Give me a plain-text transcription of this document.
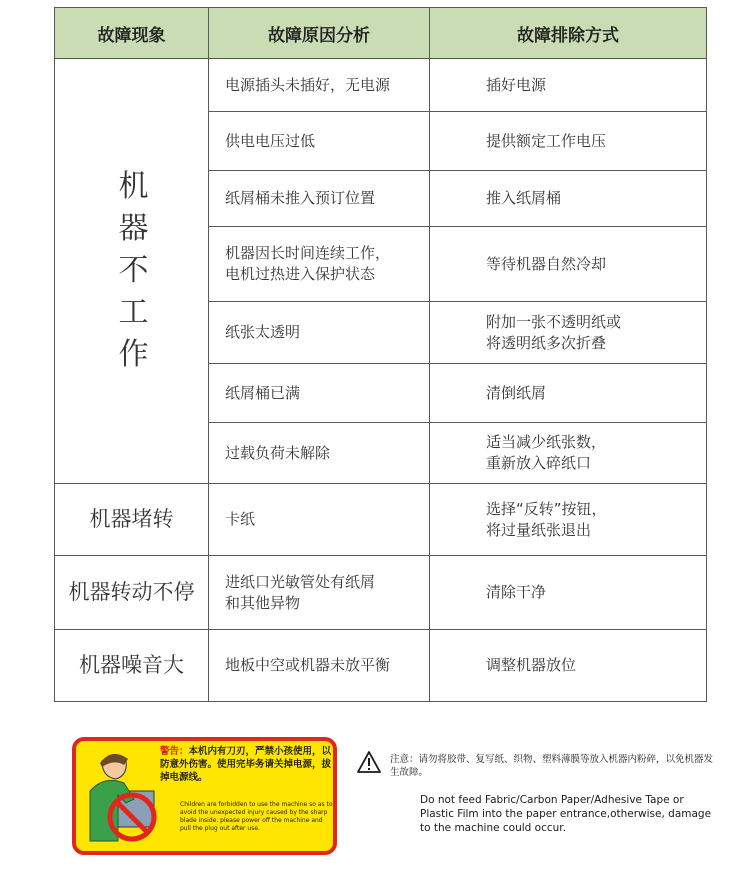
故障现象	故障原因分析	故障排除方式
机器不工作	电源插头未插好，无电源	插好电源

	供电电压过低	提供额定工作电压

	纸屑桶未推入预订位置	推入纸屑桶

	机器因长时间连续工作，
电机过热进入保护状态	等待机器自然冷却

	纸张太透明	附加一张不透明纸或
将透明纸多次折叠

	纸屑桶已满	清倒纸屑

	过载负荷未解除	适当减少纸张数，
重新放入碎纸口

机器堵转	卡纸	选择“反转”按钮，
将过量纸张退出

机器转动不停	进纸口光敏管处有纸屑
和其他异物	清除干净

机器噪音大	地板中空或机器未放平衡	调整机器放位
警告：本机内有刀刃，严禁小孩使用，以防意外伤害。使用完毕务请关掉电源，拔掉电源线。
Children are forbidden to use the machine so as to avoid the unexpected injury caused by the sharp blade inside. please power off the machine and pull the plug out after use.
注意：请勿将胶带、复写纸、织物、塑料薄膜等放入机器内粉碎，以免机器发生故障。
Do not feed Fabric/Carbon Paper/Adhesive Tape or Plastic Film into the paper entrance,otherwise, damage to the machine could occur.
